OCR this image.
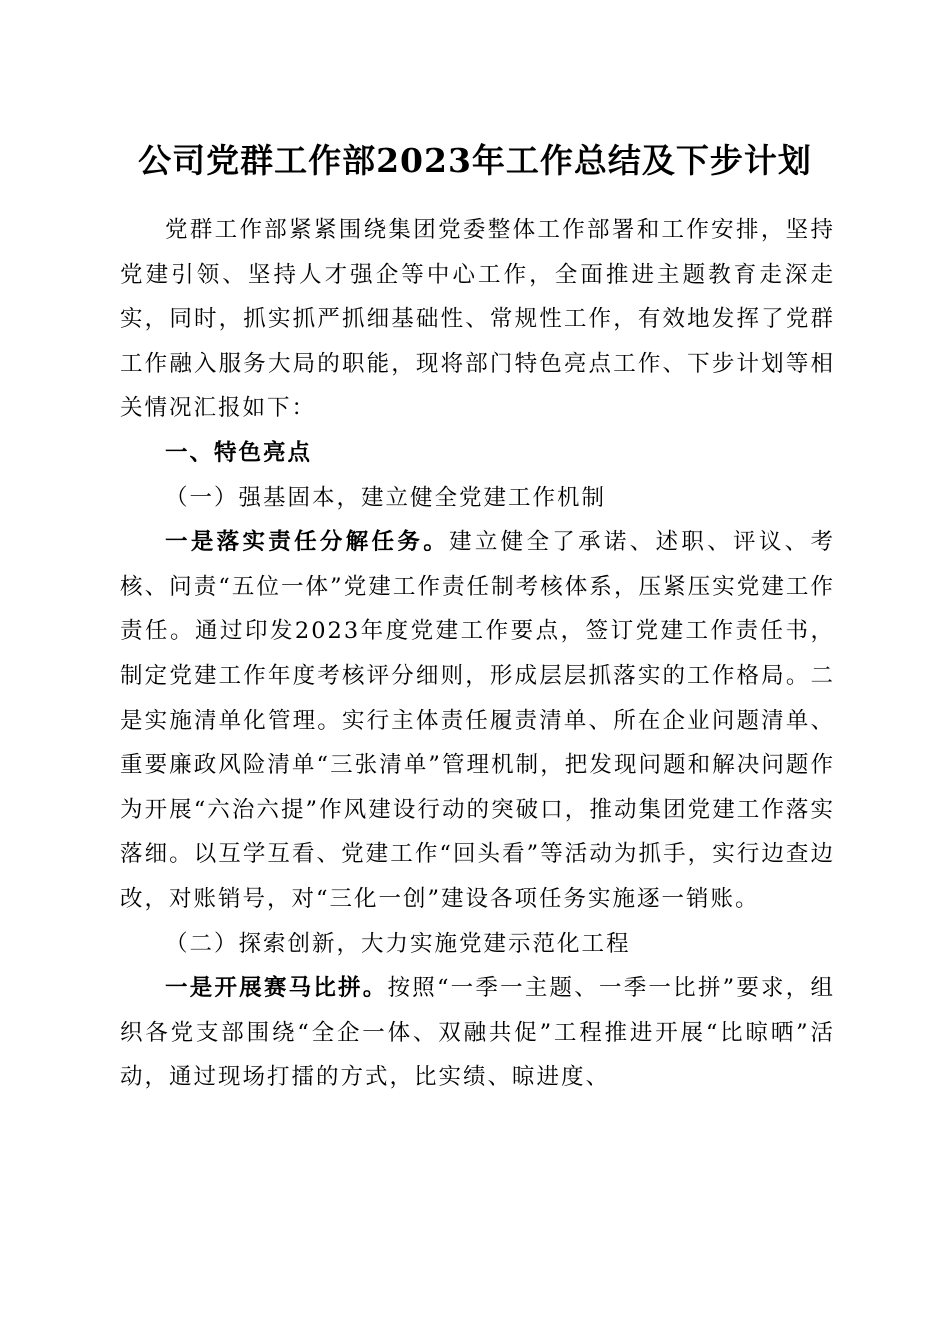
公司党群工作部2023年工作总结及下步计划

党群工作部紧紧围绕集团党委整体工作部署和工作安排，坚持党建引领、坚持人才强企等中心工作，全面推进主题教育走深走实，同时，抓实抓严抓细基础性、常规性工作，有效地发挥了党群工作融入服务大局的职能，现将部门特色亮点工作、下步计划等相关情况汇报如下：

一、特色亮点

（一）强基固本，建立健全党建工作机制

一是落实责任分解任务。建立健全了承诺、述职、评议、考核、问责“五位一体”党建工作责任制考核体系，压紧压实党建工作责任。通过印发2023年度党建工作要点，签订党建工作责任书，制定党建工作年度考核评分细则，形成层层抓落实的工作格局。二是实施清单化管理。实行主体责任履责清单、所在企业问题清单、重要廉政风险清单“三张清单”管理机制，把发现问题和解决问题作为开展“六治六提”作风建设行动的突破口，推动集团党建工作落实落细。以互学互看、党建工作“回头看”等活动为抓手，实行边查边改，对账销号，对“三化一创”建设各项任务实施逐一销账。

（二）探索创新，大力实施党建示范化工程

一是开展赛马比拼。按照“一季一主题、一季一比拼”要求，组织各党支部围绕“全企一体、双融共促”工程推进开展“比晾晒”活动，通过现场打擂的方式，比实绩、晾进度、
